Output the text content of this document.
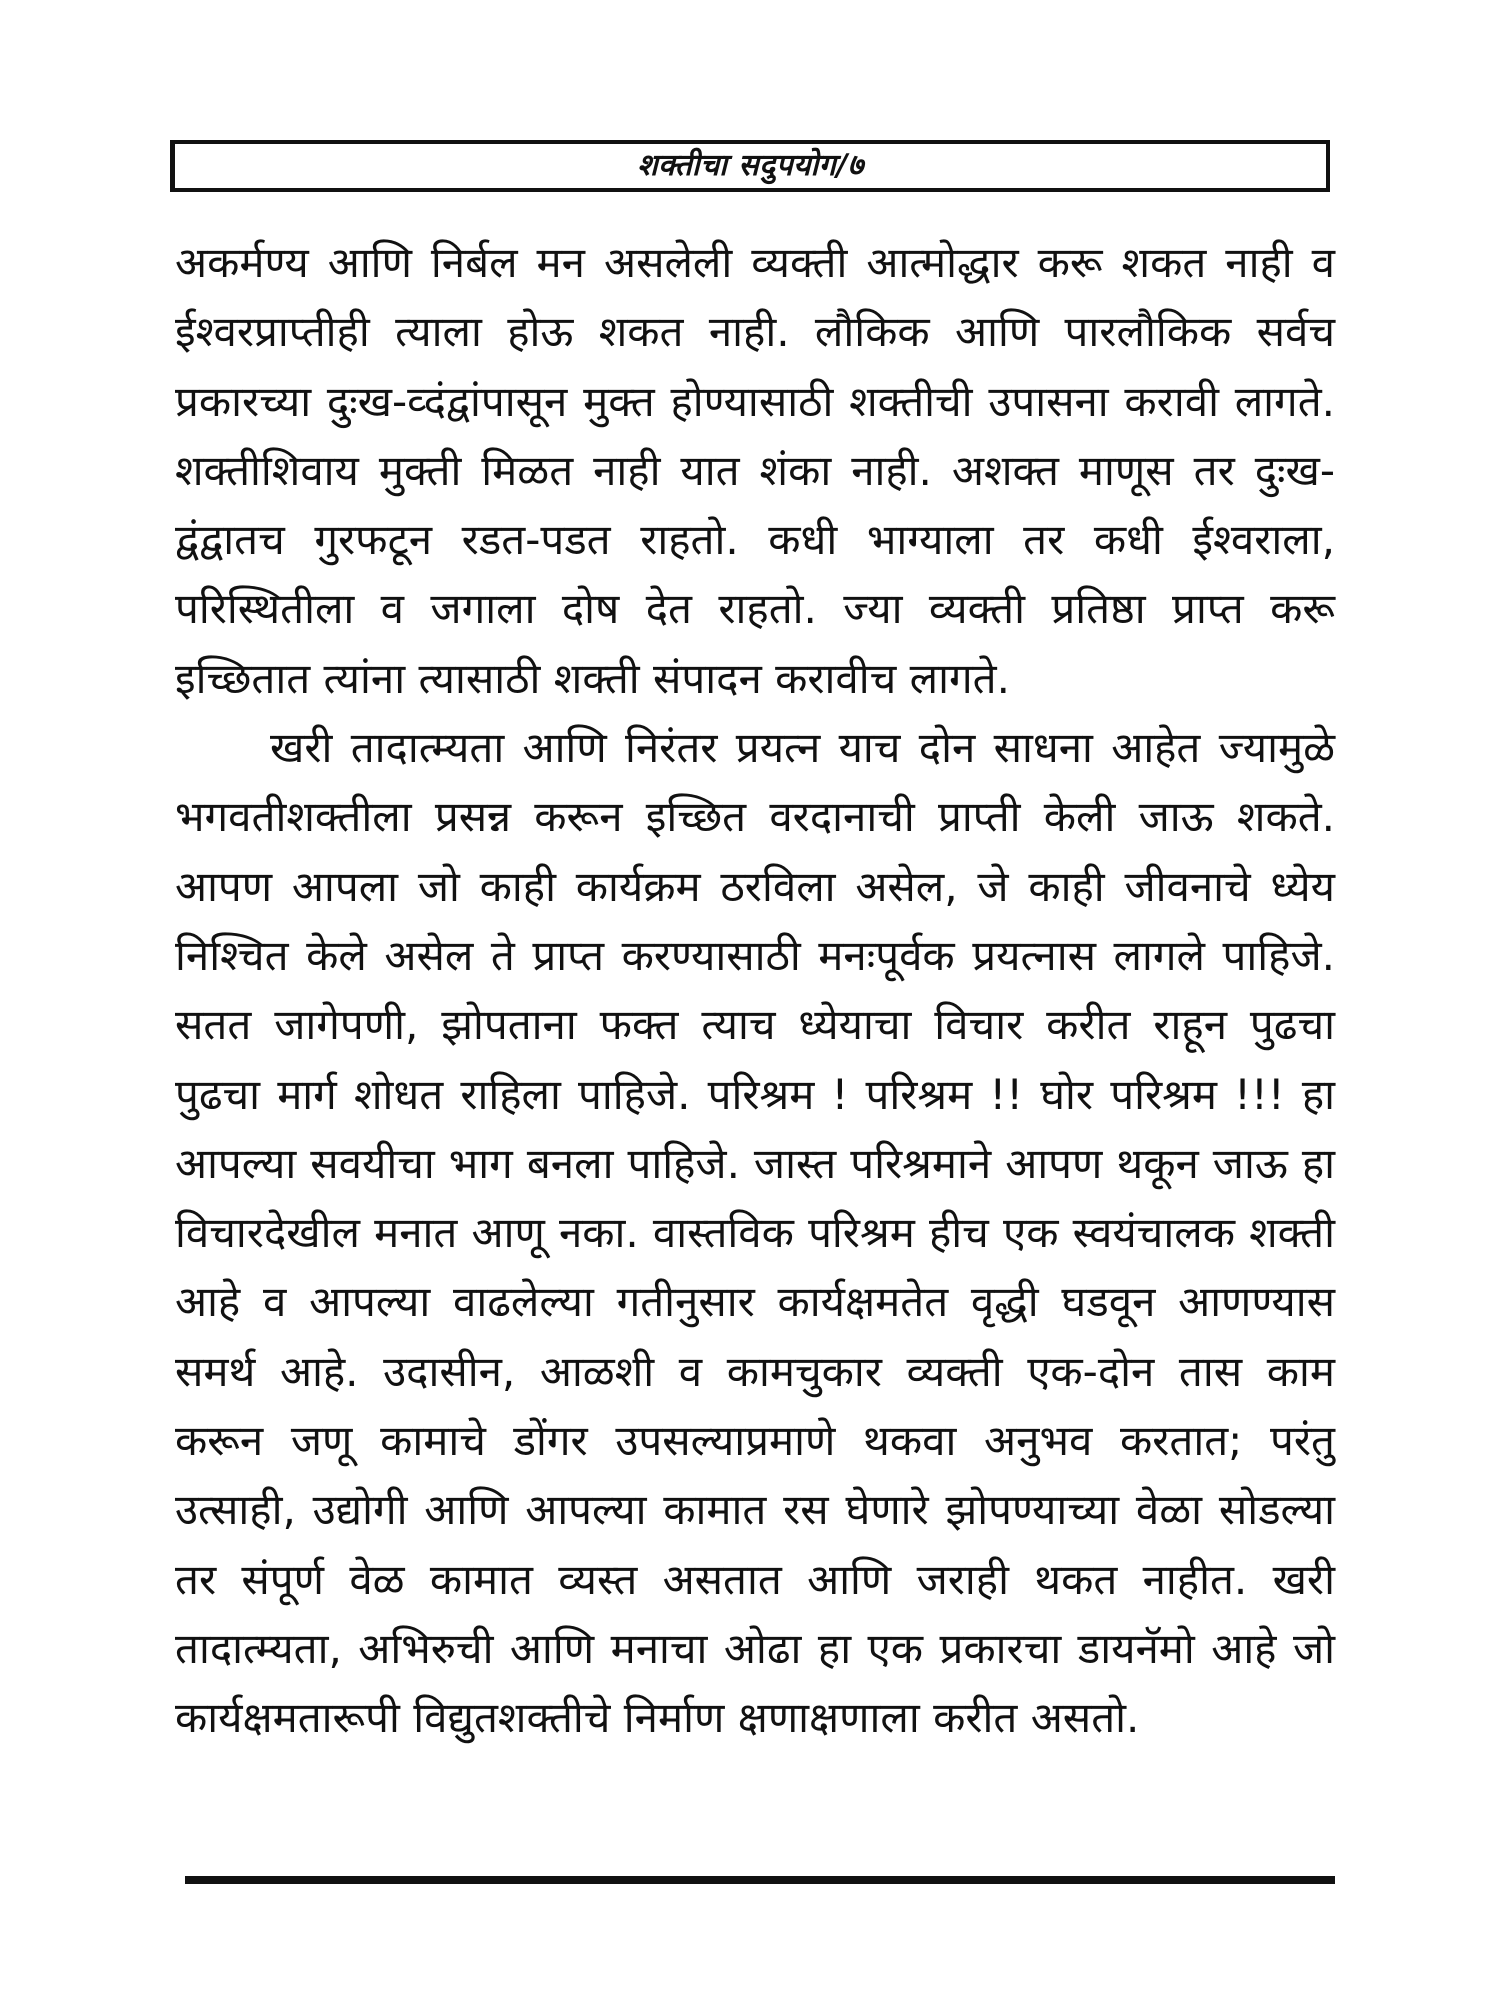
शक्तीचा सदुपयोग/७

अकर्मण्य आणि निर्बल मन असलेली व्यक्ती आत्मोद्धार करू शकत नाही व ईश्वरप्राप्तीही त्याला होऊ शकत नाही. लौकिक आणि पारलौकिक सर्वच प्रकारच्या दुःख-व्दंद्वांपासून मुक्त होण्यासाठी शक्तीची उपासना करावी लागते. शक्तीशिवाय मुक्ती मिळत नाही यात शंका नाही. अशक्त माणूस तर दुःख-द्वंद्वातच गुरफटून रडत-पडत राहतो. कधी भाग्याला तर कधी ईश्वराला, परिस्थितीला व जगाला दोष देत राहतो. ज्या व्यक्ती प्रतिष्ठा प्राप्त करू इच्छितात त्यांना त्यासाठी शक्ती संपादन करावीच लागते.

खरी तादात्म्यता आणि निरंतर प्रयत्न याच दोन साधना आहेत ज्यामुळे भगवतीशक्तीला प्रसन्न करून इच्छित वरदानाची प्राप्ती केली जाऊ शकते. आपण आपला जो काही कार्यक्रम ठरविला असेल, जे काही जीवनाचे ध्येय निश्चित केले असेल ते प्राप्त करण्यासाठी मनःपूर्वक प्रयत्नास लागले पाहिजे. सतत जागेपणी, झोपताना फक्त त्याच ध्येयाचा विचार करीत राहून पुढचा पुढचा मार्ग शोधत राहिला पाहिजे. परिश्रम ! परिश्रम !! घोर परिश्रम !!! हा आपल्या सवयीचा भाग बनला पाहिजे. जास्त परिश्रमाने आपण थकून जाऊ हा विचारदेखील मनात आणू नका. वास्तविक परिश्रम हीच एक स्वयंचालक शक्ती आहे व आपल्या वाढलेल्या गतीनुसार कार्यक्षमतेत वृद्धी घडवून आणण्यास समर्थ आहे. उदासीन, आळशी व कामचुकार व्यक्ती एक-दोन तास काम करून जणू कामाचे डोंगर उपसल्याप्रमाणे थकवा अनुभव करतात; परंतु उत्साही, उद्योगी आणि आपल्या कामात रस घेणारे झोपण्याच्या वेळा सोडल्या तर संपूर्ण वेळ कामात व्यस्त असतात आणि जराही थकत नाहीत. खरी तादात्म्यता, अभिरुची आणि मनाचा ओढा हा एक प्रकारचा डायनॅमो आहे जो कार्यक्षमतारूपी विद्युतशक्तीचे निर्माण क्षणाक्षणाला करीत असतो.
